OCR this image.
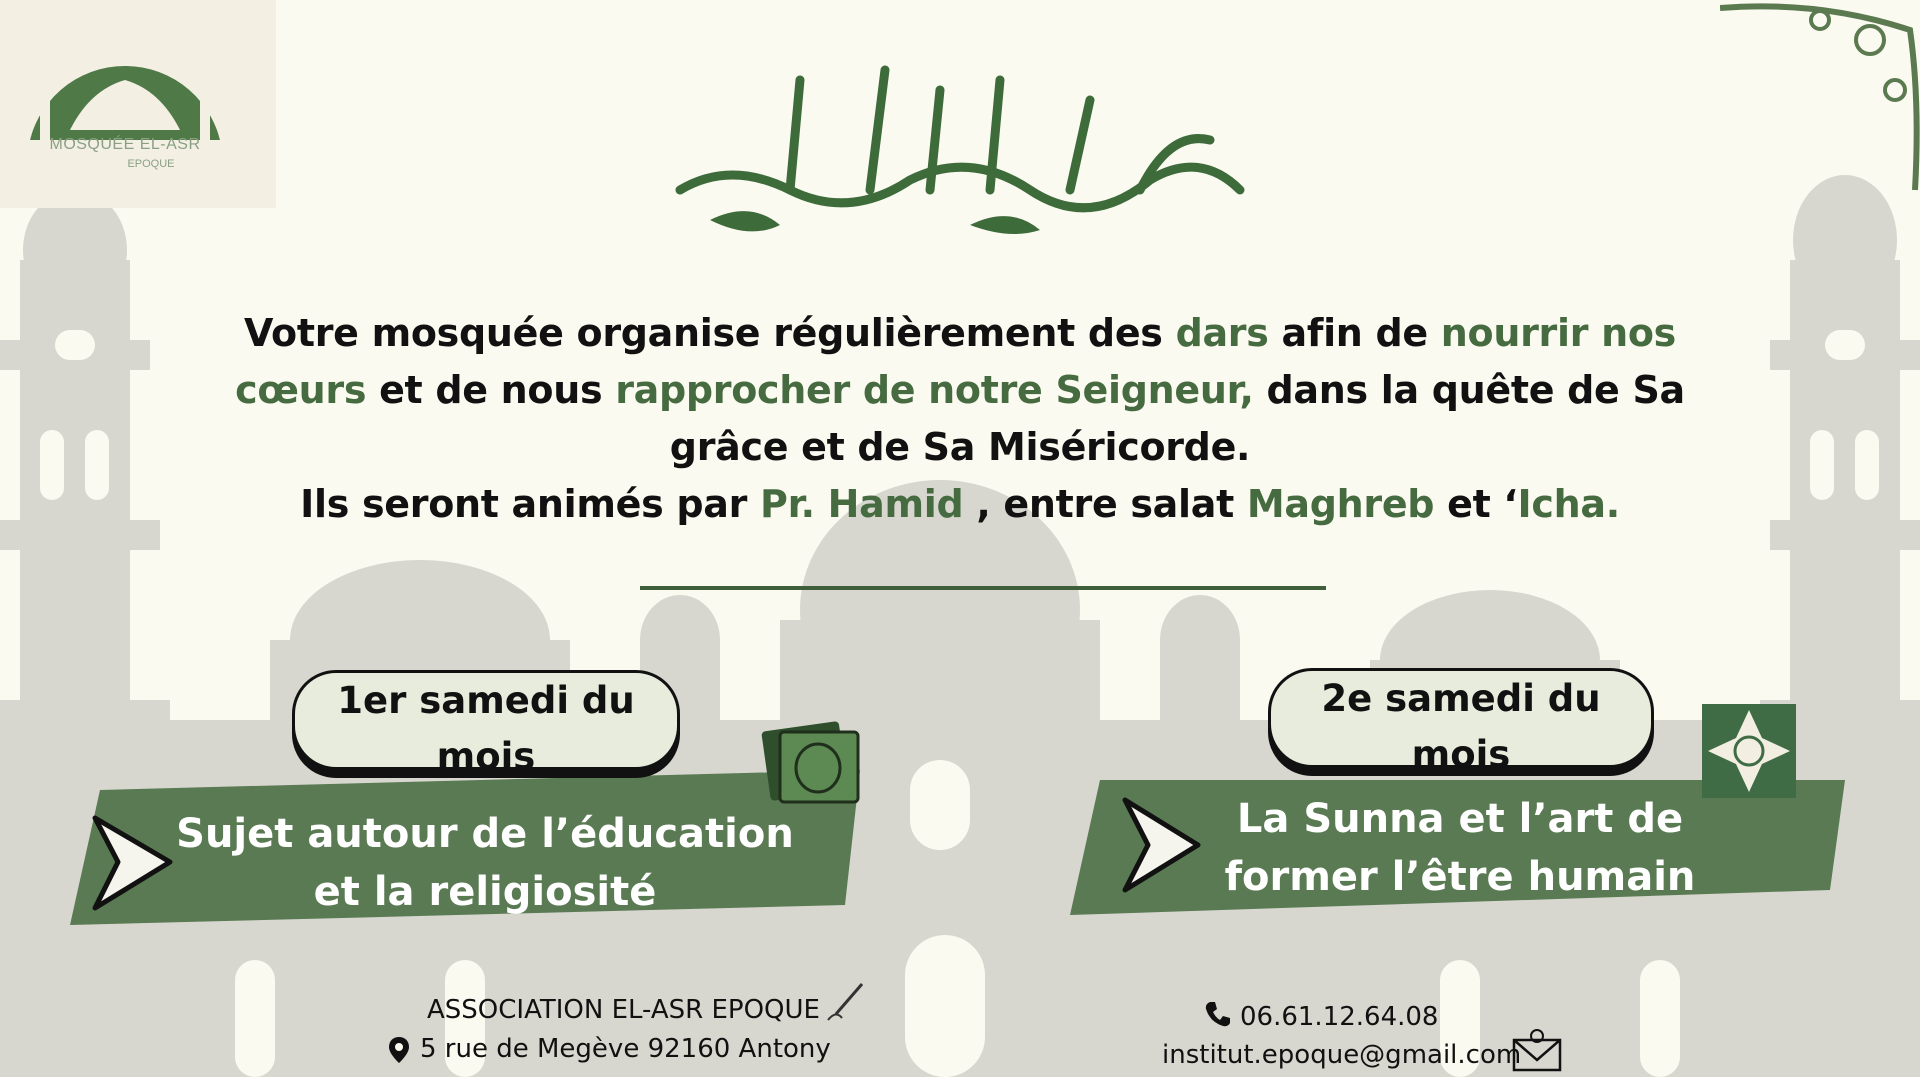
MOSQUÉE EL-ASR
EPOQUE
Votre mosquée organise régulièrement des dars afin de nourrir nos
cœurs et de nous rapprocher de notre Seigneur, dans la quête de Sa
grâce et de Sa Miséricorde.
Ils seront animés par Pr. Hamid , entre salat Maghreb et ‘Icha.
1er samedi du
mois
Sujet autour de l’éducation
et la religiosité
2e samedi du
mois
La Sunna et l’art de
former l’être humain
ASSOCIATION EL-ASR EPOQUE
5 rue de Megève 92160 Antony
06.61.12.64.08
institut.epoque@gmail.com
